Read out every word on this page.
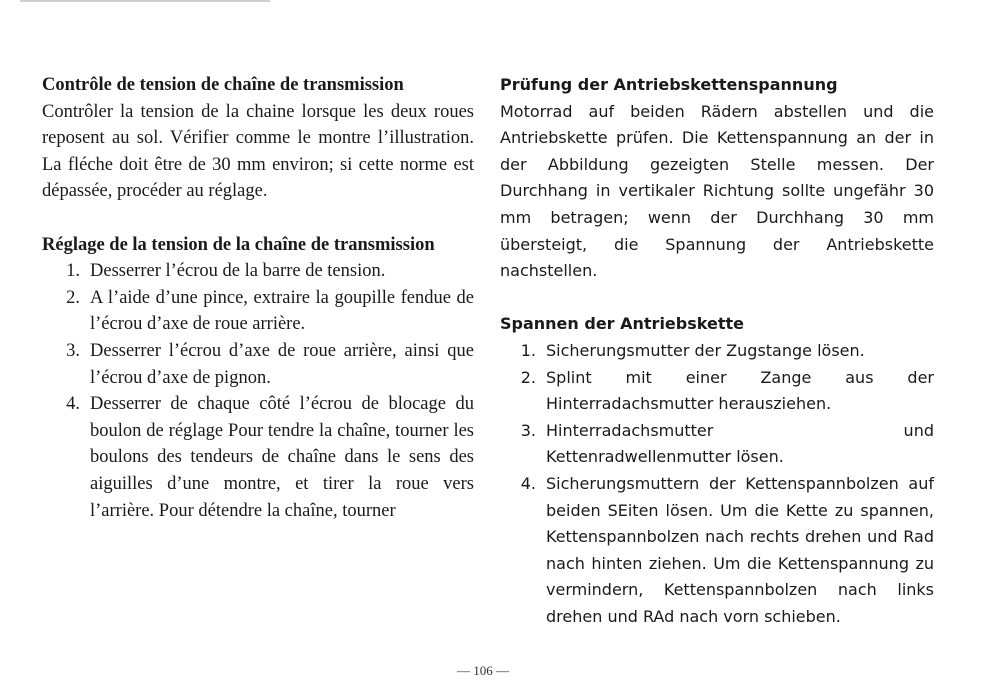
Contrôle de tension de chaîne de transmission

Contrôler la tension de la chaine lorsque les deux roues reposent au sol. Vérifier comme le montre l’illustration. La fléche doit être de 30 mm environ; si cette norme est dépassée, procéder au réglage.

Réglage de la tension de la chaîne de transmission

1. Desserrer l’écrou de la barre de tension.
2. A l’aide d’une pince, extraire la goupille fendue de l’écrou d’axe de roue arrière.
3. Desserrer l’écrou d’axe de roue arrière, ainsi que l’écrou d’axe de pignon.
4. Desserrer de chaque côté l’écrou de blocage du boulon de réglage Pour tendre la chaîne, tourner les boulons des tendeurs de chaîne dans le sens des aiguilles d’une montre, et tirer la roue vers l’arrière. Pour détendre la chaîne, tourner

Prüfung der Antriebskettenspannung

Motorrad auf beiden Rädern abstellen und die Antriebskette prüfen. Die Kettenspannung an der in der Abbildung gezeigten Stelle messen. Der Durchhang in vertikaler Richtung sollte ungefähr 30 mm betragen; wenn der Durchhang 30 mm übersteigt, die Spannung der Antriebskette nachstellen.

Spannen der Antriebskette

1. Sicherungsmutter der Zugstange lösen.
2. Splint mit einer Zange aus der Hinterradachsmutter herausziehen.
3. Hinterradachsmutter und Kettenradwellenmutter lösen.
4. Sicherungsmuttern der Kettenspannbolzen auf beiden SEiten lösen. Um die Kette zu spannen, Kettenspannbolzen nach rechts drehen und Rad nach hinten ziehen. Um die Kettenspannung zu vermindern, Kettenspannbolzen nach links drehen und RAd nach vorn schieben.
— 106 —
